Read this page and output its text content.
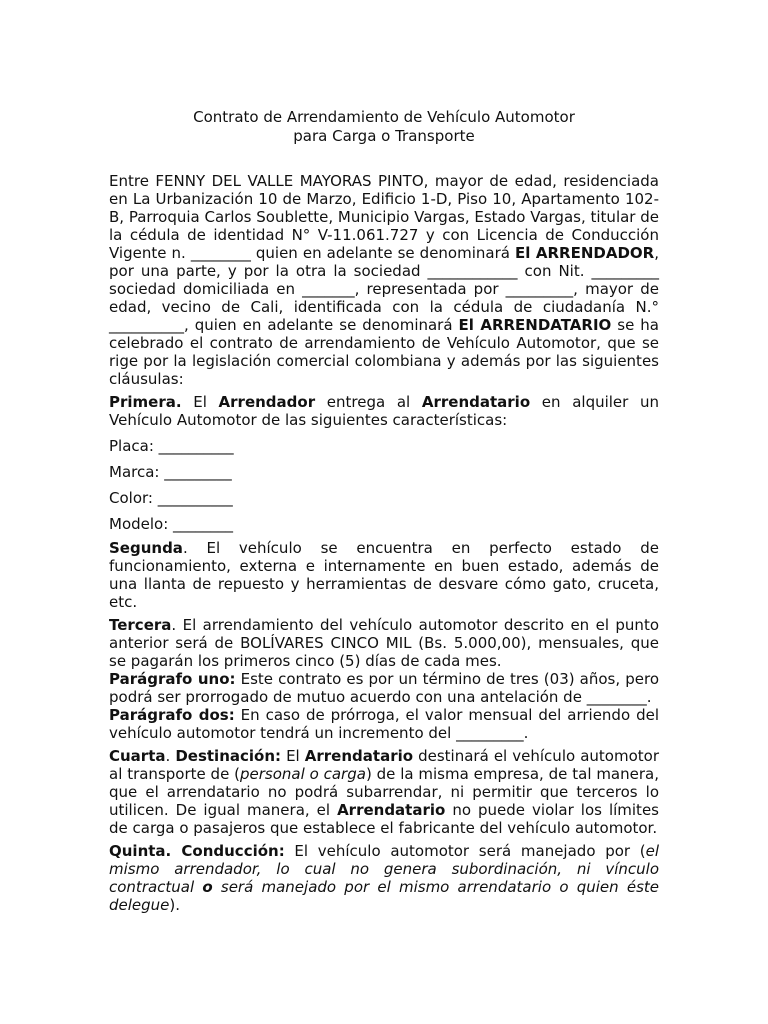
Contrato de Arrendamiento de Vehículo Automotor
para Carga o Transporte

Entre FENNY DEL VALLE MAYORAS PINTO, mayor de edad, residenciada en La Urbanización 10 de Marzo, Edificio 1-D, Piso 10, Apartamento 102-B, Parroquia Carlos Soublette, Municipio Vargas, Estado Vargas, titular de la cédula de identidad N° V-11.061.727 y con Licencia de Conducción Vigente n. ________ quien en adelante se denominará El ARRENDADOR, por una parte, y por la otra la sociedad ____________ con Nit. _________ sociedad domiciliada en _______, representada por _________, mayor de edad, vecino de Cali, identificada con la cédula de ciudadanía N.° __________, quien en adelante se denominará El ARRENDATARIO se ha celebrado el contrato de arrendamiento de Vehículo Automotor, que se rige por la legislación comercial colombiana y además por las siguientes cláusulas:

Primera. El Arrendador entrega al Arrendatario en alquiler un Vehículo Automotor de las siguientes características:

Placa: __________
Marca: _________
Color: __________
Modelo: ________

Segunda. El vehículo se encuentra en perfecto estado de funcionamiento, externa e internamente en buen estado, además de una llanta de repuesto y herramientas de desvare cómo gato, cruceta, etc.

Tercera. El arrendamiento del vehículo automotor descrito en el punto anterior será de BOLÍVARES CINCO MIL (Bs. 5.000,00), mensuales, que se pagarán los primeros cinco (5) días de cada mes.

Parágrafo uno: Este contrato es por un término de tres (03) años, pero podrá ser prorrogado de mutuo acuerdo con una antelación de ________.

Parágrafo dos: En caso de prórroga, el valor mensual del arriendo del vehículo automotor tendrá un incremento del _________.

Cuarta. Destinación: El Arrendatario destinará el vehículo automotor al transporte de (personal o carga) de la misma empresa, de tal manera, que el arrendatario no podrá subarrendar, ni permitir que terceros lo utilicen. De igual manera, el Arrendatario no puede violar los límites de carga o pasajeros que establece el fabricante del vehículo automotor.

Quinta. Conducción: El vehículo automotor será manejado por (el mismo arrendador, lo cual no genera subordinación, ni vínculo contractual o será manejado por el mismo arrendatario o quien éste delegue).
